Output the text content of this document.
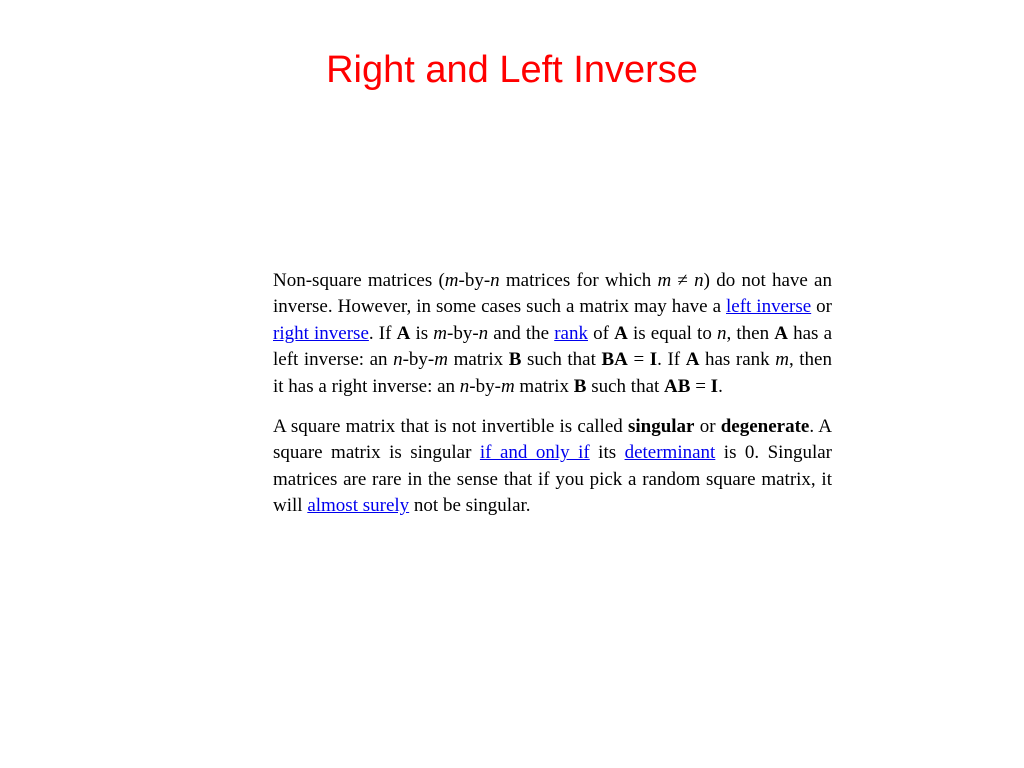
Right and Left Inverse

Non-square matrices (m-by-n matrices for which m ≠ n) do not have an inverse. However, in some cases such a matrix may have a left inverse or right inverse. If A is m-by-n and the rank of A is equal to n, then A has a left inverse: an n-by-m matrix B such that BA = I. If A has rank m, then it has a right inverse: an n-by-m matrix B such that AB = I.

A square matrix that is not invertible is called singular or degenerate. A square matrix is singular if and only if its determinant is 0. Singular matrices are rare in the sense that if you pick a random square matrix, it will almost surely not be singular.
